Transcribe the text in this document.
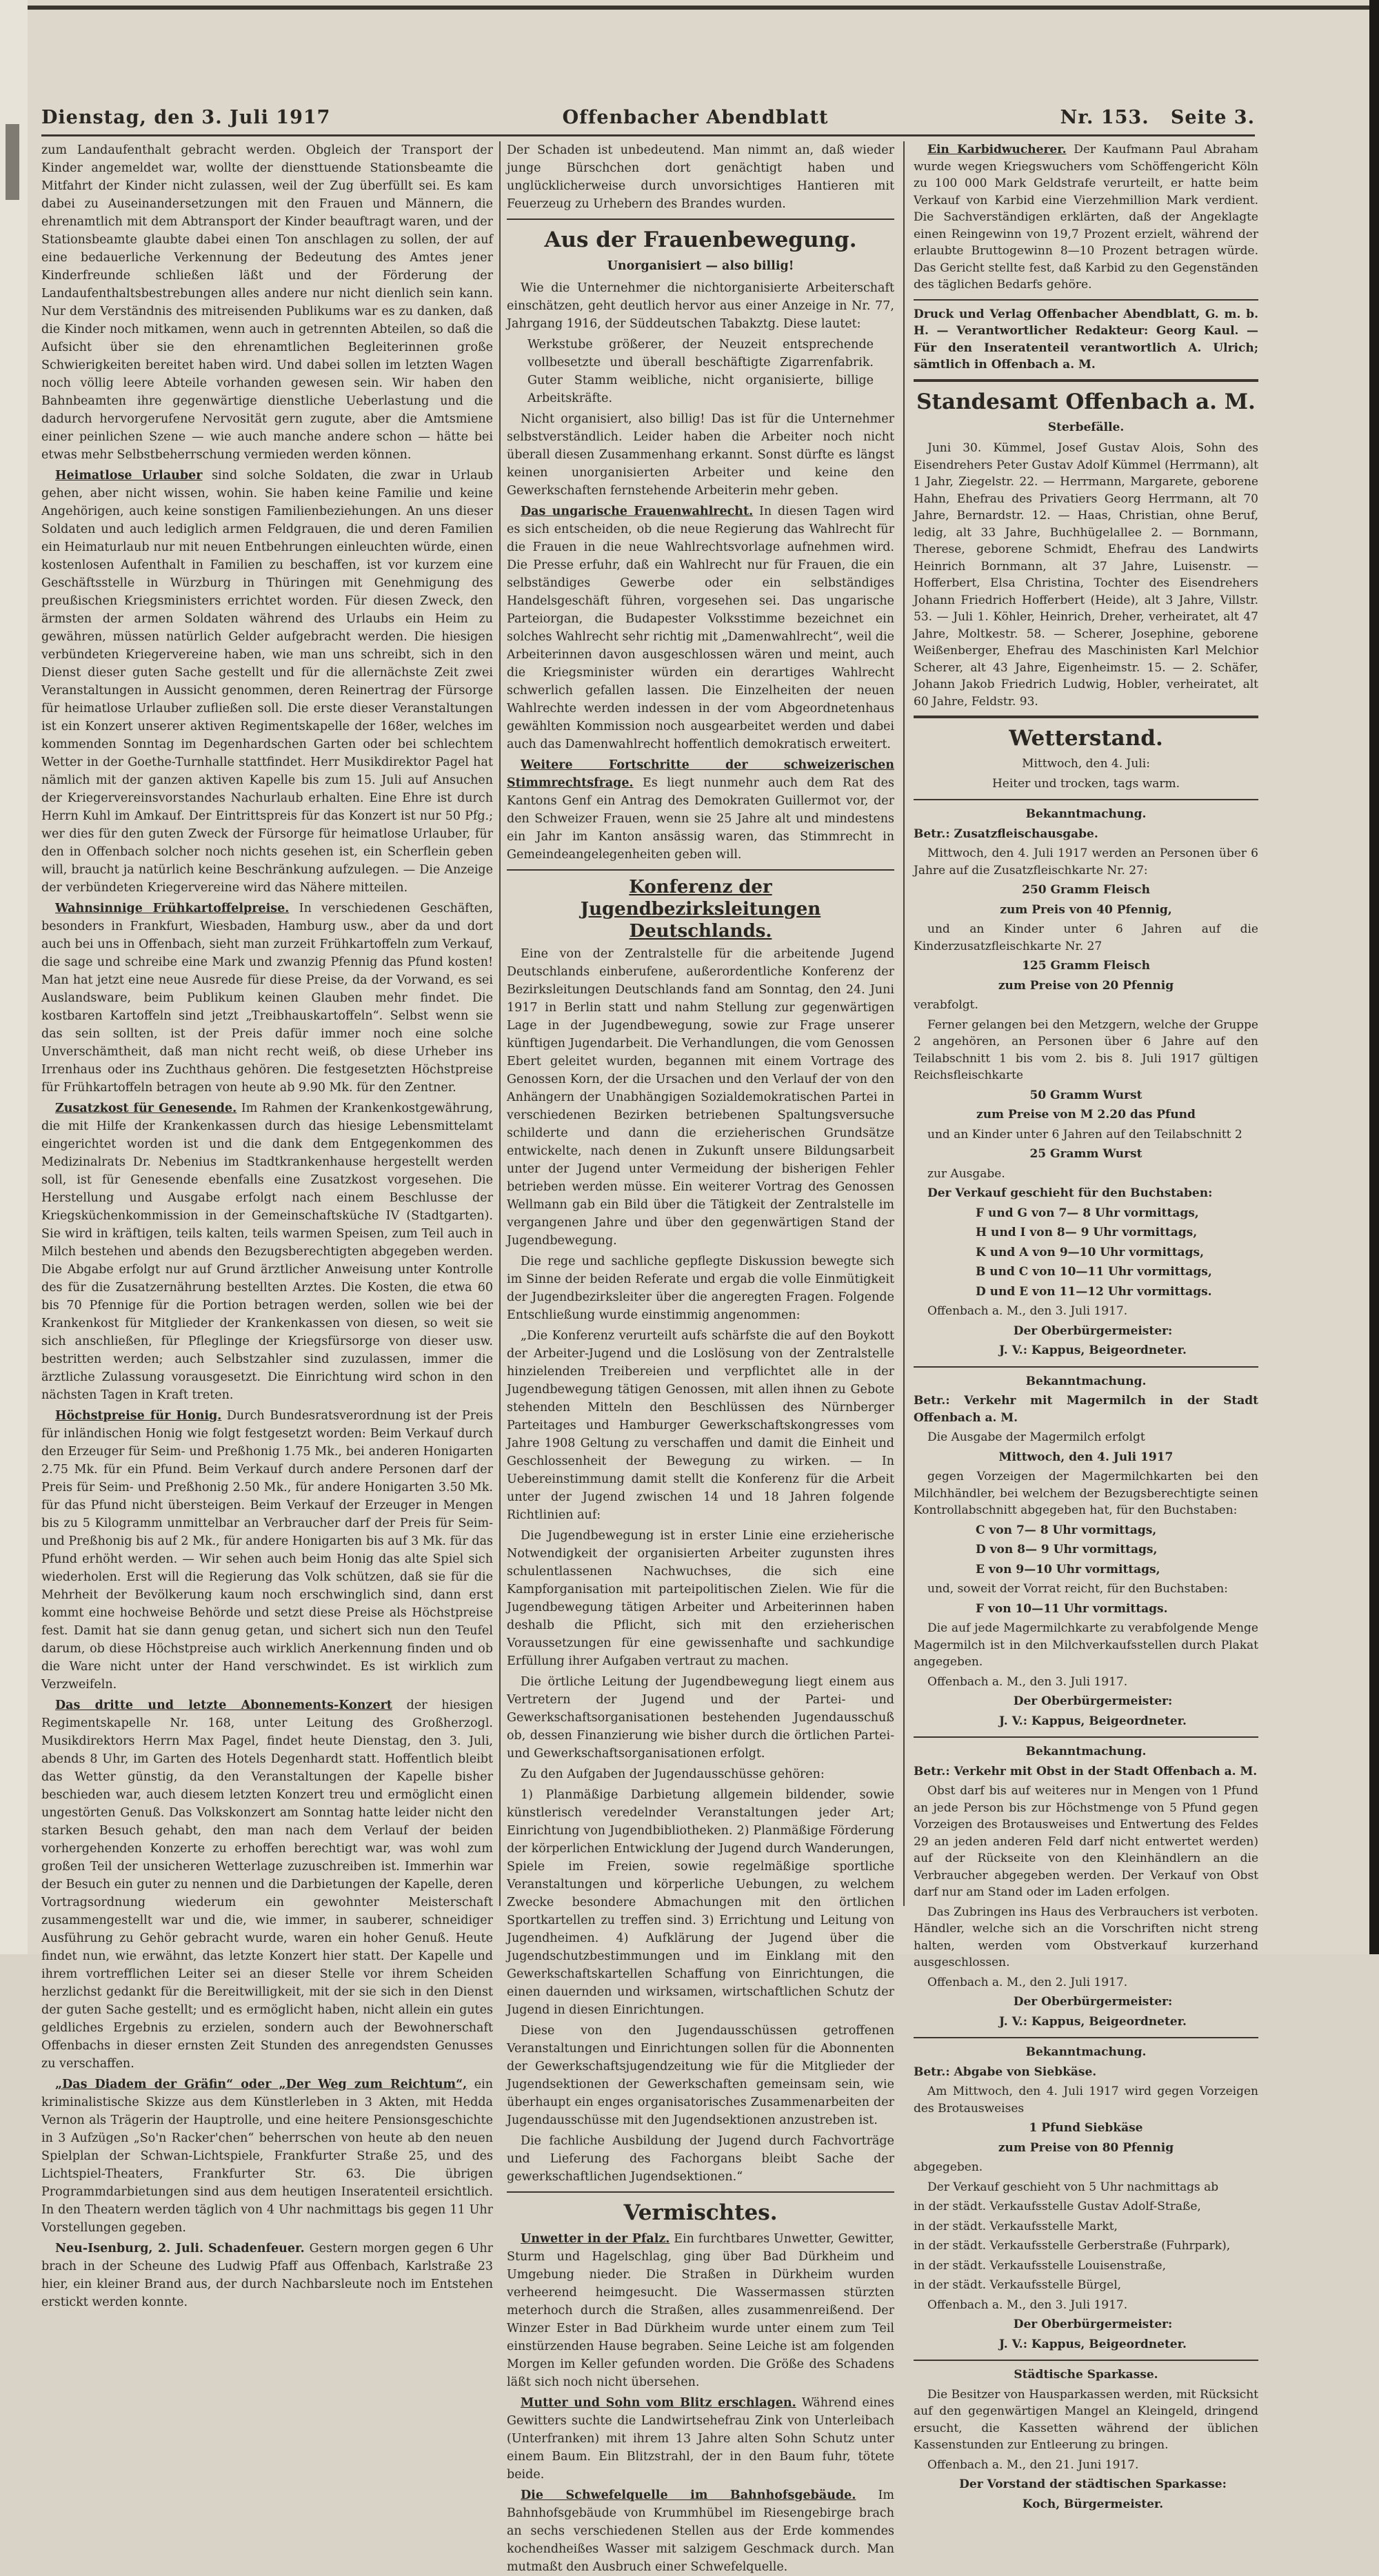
Dienstag, den 3. Juli 1917	Offenbacher Abendblatt	Nr. 153. Seite 3.

zum Landaufenthalt gebracht werden. Obgleich der Transport der Kinder angemeldet war, wollte der diensttuende Stationsbeamte die Mitfahrt der Kinder nicht zulassen, weil der Zug überfüllt sei. Es kam dabei zu Auseinandersetzungen mit den Frauen und Männern, die ehrenamtlich mit dem Abtransport der Kinder beauftragt waren, und der Stationsbeamte glaubte dabei einen Ton anschlagen zu sollen, der auf eine bedauerliche Verkennung der Bedeutung des Amtes jener Kinderfreunde schließen läßt und der Förderung der Landaufenthaltsbestrebungen alles andere nur nicht dienlich sein kann. Nur dem Verständnis des mitreisenden Publikums war es zu danken, daß die Kinder noch mitkamen, wenn auch in getrennten Abteilen, so daß die Aufsicht über sie den ehrenamtlichen Begleiterinnen große Schwierigkeiten bereitet haben wird. Und dabei sollen im letzten Wagen noch völlig leere Abteile vorhanden gewesen sein. Wir haben den Bahnbeamten ihre gegenwärtige dienstliche Ueberlastung und die dadurch hervorgerufene Nervosität gern zugute, aber die Amtsmiene einer peinlichen Szene — wie auch manche andere schon — hätte bei etwas mehr Selbstbeherrschung vermieden werden können.

Heimatlose Urlauber sind solche Soldaten, die zwar in Urlaub gehen, aber nicht wissen, wohin. Sie haben keine Familie und keine Angehörigen, auch keine sonstigen Familienbeziehungen. An uns dieser Soldaten und auch lediglich armen Feldgrauen, die und deren Familien ein Heimaturlaub nur mit neuen Entbehrungen einleuchten würde, einen kostenlosen Aufenthalt in Familien zu beschaffen, ist vor kurzem eine Geschäftsstelle in Würzburg in Thüringen mit Genehmigung des preußischen Kriegsministers errichtet worden. Für diesen Zweck, den ärmsten der armen Soldaten während des Urlaubs ein Heim zu gewähren, müssen natürlich Gelder aufgebracht werden. Die hiesigen verbündeten Kriegervereine haben, wie man uns schreibt, sich in den Dienst dieser guten Sache gestellt und für die allernächste Zeit zwei Veranstaltungen in Aussicht genommen, deren Reinertrag der Fürsorge für heimatlose Urlauber zufließen soll. Die erste dieser Veranstaltungen ist ein Konzert unserer aktiven Regimentskapelle der 168er, welches im kommenden Sonntag im Degenhardschen Garten oder bei schlechtem Wetter in der Goethe-Turnhalle stattfindet. Herr Musikdirektor Pagel hat nämlich mit der ganzen aktiven Kapelle bis zum 15. Juli auf Ansuchen der Kriegervereinsvorstandes Nachurlaub erhalten. Eine Ehre ist durch Herrn Kuhl im Amkauf. Der Eintrittspreis für das Konzert ist nur 50 Pfg.; wer dies für den guten Zweck der Fürsorge für heimatlose Urlauber, für den in Offenbach solcher noch nichts gesehen ist, ein Scherflein geben will, braucht ja natürlich keine Beschränkung aufzulegen. — Die Anzeige der verbündeten Kriegervereine wird das Nähere mitteilen.

Wahnsinnige Frühkartoffelpreise. In verschiedenen Geschäften, besonders in Frankfurt, Wiesbaden, Hamburg usw., aber da und dort auch bei uns in Offenbach, sieht man zurzeit Frühkartoffeln zum Verkauf, die sage und schreibe eine Mark und zwanzig Pfennig das Pfund kosten! Man hat jetzt eine neue Ausrede für diese Preise, da der Vorwand, es sei Auslandsware, beim Publikum keinen Glauben mehr findet. Die kostbaren Kartoffeln sind jetzt „Treibhauskartoffeln“. Selbst wenn sie das sein sollten, ist der Preis dafür immer noch eine solche Unverschämtheit, daß man nicht recht weiß, ob diese Urheber ins Irrenhaus oder ins Zuchthaus gehören. Die festgesetzten Höchstpreise für Frühkartoffeln betragen von heute ab 9.90 Mk. für den Zentner.

Zusatzkost für Genesende. Im Rahmen der Krankenkostgewährung, die mit Hilfe der Krankenkassen durch das hiesige Lebensmittelamt eingerichtet worden ist und die dank dem Entgegenkommen des Medizinalrats Dr. Nebenius im Stadtkrankenhause hergestellt werden soll, ist für Genesende ebenfalls eine Zusatzkost vorgesehen. Die Herstellung und Ausgabe erfolgt nach einem Beschlusse der Kriegsküchenkommission in der Gemeinschaftsküche IV (Stadtgarten). Sie wird in kräftigen, teils kalten, teils warmen Speisen, zum Teil auch in Milch bestehen und abends den Bezugsberechtigten abgegeben werden. Die Abgabe erfolgt nur auf Grund ärztlicher Anweisung unter Kontrolle des für die Zusatzernährung bestellten Arztes. Die Kosten, die etwa 60 bis 70 Pfennige für die Portion betragen werden, sollen wie bei der Krankenkost für Mitglieder der Krankenkassen von diesen, so weit sie sich anschließen, für Pfleglinge der Kriegsfürsorge von dieser usw. bestritten werden; auch Selbstzahler sind zuzulassen, immer die ärztliche Zulassung vorausgesetzt. Die Einrichtung wird schon in den nächsten Tagen in Kraft treten.

Höchstpreise für Honig. Durch Bundesratsverordnung ist der Preis für inländischen Honig wie folgt festgesetzt worden: Beim Verkauf durch den Erzeuger für Seim- und Preßhonig 1.75 Mk., bei anderen Honigarten 2.75 Mk. für ein Pfund. Beim Verkauf durch andere Personen darf der Preis für Seim- und Preßhonig 2.50 Mk., für andere Honigarten 3.50 Mk. für das Pfund nicht übersteigen. Beim Verkauf der Erzeuger in Mengen bis zu 5 Kilogramm unmittelbar an Verbraucher darf der Preis für Seim- und Preßhonig bis auf 2 Mk., für andere Honigarten bis auf 3 Mk. für das Pfund erhöht werden. — Wir sehen auch beim Honig das alte Spiel sich wiederholen. Erst will die Regierung das Volk schützen, daß sie für die Mehrheit der Bevölkerung kaum noch erschwinglich sind, dann erst kommt eine hochweise Behörde und setzt diese Preise als Höchstpreise fest. Damit hat sie dann genug getan, und sichert sich nun den Teufel darum, ob diese Höchstpreise auch wirklich Anerkennung finden und ob die Ware nicht unter der Hand verschwindet. Es ist wirklich zum Verzweifeln.

Das dritte und letzte Abonnements-Konzert der hiesigen Regimentskapelle Nr. 168, unter Leitung des Großherzogl. Musikdirektors Herrn Max Pagel, findet heute Dienstag, den 3. Juli, abends 8 Uhr, im Garten des Hotels Degenhardt statt. Hoffentlich bleibt das Wetter günstig, da den Veranstaltungen der Kapelle bisher beschieden war, auch diesem letzten Konzert treu und ermöglicht einen ungestörten Genuß. Das Volkskonzert am Sonntag hatte leider nicht den starken Besuch gehabt, den man nach dem Verlauf der beiden vorhergehenden Konzerte zu erhoffen berechtigt war, was wohl zum großen Teil der unsicheren Wetterlage zuzuschreiben ist. Immerhin war der Besuch ein guter zu nennen und die Darbietungen der Kapelle, deren Vortragsordnung wiederum ein gewohnter Meisterschaft zusammengestellt war und die, wie immer, in sauberer, schneidiger Ausführung zu Gehör gebracht wurde, waren ein hoher Genuß. Heute findet nun, wie erwähnt, das letzte Konzert hier statt. Der Kapelle und ihrem vortrefflichen Leiter sei an dieser Stelle vor ihrem Scheiden herzlichst gedankt für die Bereitwilligkeit, mit der sie sich in den Dienst der guten Sache gestellt; und es ermöglicht haben, nicht allein ein gutes geldliches Ergebnis zu erzielen, sondern auch der Bewohnerschaft Offenbachs in dieser ernsten Zeit Stunden des anregendsten Genusses zu verschaffen.

„Das Diadem der Gräfin“ oder „Der Weg zum Reichtum“, ein kriminalistische Skizze aus dem Künstlerleben in 3 Akten, mit Hedda Vernon als Trägerin der Hauptrolle, und eine heitere Pensionsgeschichte in 3 Aufzügen „So'n Racker'chen“ beherrschen von heute ab den neuen Spielplan der Schwan-Lichtspiele, Frankfurter Straße 25, und des Lichtspiel-Theaters, Frankfurter Str. 63. Die übrigen Programmdarbietungen sind aus dem heutigen Inseratenteil ersichtlich. In den Theatern werden täglich von 4 Uhr nachmittags bis gegen 11 Uhr Vorstellungen gegeben.

Neu-Isenburg, 2. Juli. Schadenfeuer. Gestern morgen gegen 6 Uhr brach in der Scheune des Ludwig Pfaff aus Offenbach, Karlstraße 23 hier, ein kleiner Brand aus, der durch Nachbarsleute noch im Entstehen erstickt werden konnte.

Der Schaden ist unbedeutend. Man nimmt an, daß wieder junge Bürschchen dort genächtigt haben und unglücklicherweise durch unvorsichtiges Hantieren mit Feuerzeug zu Urhebern des Brandes wurden.

Aus der Frauenbewegung.
Unorganisiert — also billig!

Wie die Unternehmer die nichtorganisierte Arbeiterschaft einschätzen, geht deutlich hervor aus einer Anzeige in Nr. 77, Jahrgang 1916, der Süddeutschen Tabakztg. Diese lautet:

Werkstube größerer, der Neuzeit entsprechende vollbesetzte und überall beschäftigte Zigarrenfabrik. Guter Stamm weibliche, nicht organisierte, billige Arbeitskräfte.

Nicht organisiert, also billig! Das ist für die Unternehmer selbstverständlich. Leider haben die Arbeiter noch nicht überall diesen Zusammenhang erkannt. Sonst dürfte es längst keinen unorganisierten Arbeiter und keine den Gewerkschaften fernstehende Arbeiterin mehr geben.

Das ungarische Frauenwahlrecht. In diesen Tagen wird es sich entscheiden, ob die neue Regierung das Wahlrecht für die Frauen in die neue Wahlrechtsvorlage aufnehmen wird. Die Presse erfuhr, daß ein Wahlrecht nur für Frauen, die ein selbständiges Gewerbe oder ein selbständiges Handelsgeschäft führen, vorgesehen sei. Das ungarische Parteiorgan, die Budapester Volksstimme bezeichnet ein solches Wahlrecht sehr richtig mit „Damenwahlrecht“, weil die Arbeiterinnen davon ausgeschlossen wären und meint, auch die Kriegsminister würden ein derartiges Wahlrecht schwerlich gefallen lassen. Die Einzelheiten der neuen Wahlrechte werden indessen in der vom Abgeordnetenhaus gewählten Kommission noch ausgearbeitet werden und dabei auch das Damenwahlrecht hoffentlich demokratisch erweitert.

Weitere Fortschritte der schweizerischen Stimmrechtsfrage. Es liegt nunmehr auch dem Rat des Kantons Genf ein Antrag des Demokraten Guillermot vor, der den Schweizer Frauen, wenn sie 25 Jahre alt und mindestens ein Jahr im Kanton ansässig waren, das Stimmrecht in Gemeindeangelegenheiten geben will.

Konferenz der Jugendbezirksleitungen Deutschlands.

Eine von der Zentralstelle für die arbeitende Jugend Deutschlands einberufene, außerordentliche Konferenz der Bezirksleitungen Deutschlands fand am Sonntag, den 24. Juni 1917 in Berlin statt und nahm Stellung zur gegenwärtigen Lage in der Jugendbewegung, sowie zur Frage unserer künftigen Jugendarbeit. Die Verhandlungen, die vom Genossen Ebert geleitet wurden, begannen mit einem Vortrage des Genossen Korn, der die Ursachen und den Verlauf der von den Anhängern der Unabhängigen Sozialdemokratischen Partei in verschiedenen Bezirken betriebenen Spaltungsversuche schilderte und dann die erzieherischen Grundsätze entwickelte, nach denen in Zukunft unsere Bildungsarbeit unter der Jugend unter Vermeidung der bisherigen Fehler betrieben werden müsse. Ein weiterer Vortrag des Genossen Wellmann gab ein Bild über die Tätigkeit der Zentralstelle im vergangenen Jahre und über den gegenwärtigen Stand der Jugendbewegung.

Die rege und sachliche gepflegte Diskussion bewegte sich im Sinne der beiden Referate und ergab die volle Einmütigkeit der Jugendbezirksleiter über die angeregten Fragen. Folgende Entschließung wurde einstimmig angenommen:

„Die Konferenz verurteilt aufs schärfste die auf den Boykott der Arbeiter-Jugend und die Loslösung von der Zentralstelle hinzielenden Treibereien und verpflichtet alle in der Jugendbewegung tätigen Genossen, mit allen ihnen zu Gebote stehenden Mitteln den Beschlüssen des Nürnberger Parteitages und Hamburger Gewerkschaftskongresses vom Jahre 1908 Geltung zu verschaffen und damit die Einheit und Geschlossenheit der Bewegung zu wirken. — In Uebereinstimmung damit stellt die Konferenz für die Arbeit unter der Jugend zwischen 14 und 18 Jahren folgende Richtlinien auf:

Die Jugendbewegung ist in erster Linie eine erzieherische Notwendigkeit der organisierten Arbeiter zugunsten ihres schulentlassenen Nachwuchses, die sich eine Kampforganisation mit parteipolitischen Zielen. Wie für die Jugendbewegung tätigen Arbeiter und Arbeiterinnen haben deshalb die Pflicht, sich mit den erzieherischen Voraussetzungen für eine gewissenhafte und sachkundige Erfüllung ihrer Aufgaben vertraut zu machen.

Die örtliche Leitung der Jugendbewegung liegt einem aus Vertretern der Jugend und der Partei- und Gewerkschaftsorganisationen bestehenden Jugendausschuß ob, dessen Finanzierung wie bisher durch die örtlichen Partei- und Gewerkschaftsorganisationen erfolgt.

Zu den Aufgaben der Jugendausschüsse gehören:

1) Planmäßige Darbietung allgemein bildender, sowie künstlerisch veredelnder Veranstaltungen jeder Art; Einrichtung von Jugendbibliotheken. 2) Planmäßige Förderung der körperlichen Entwicklung der Jugend durch Wanderungen, Spiele im Freien, sowie regelmäßige sportliche Veranstaltungen und körperliche Uebungen, zu welchem Zwecke besondere Abmachungen mit den örtlichen Sportkartellen zu treffen sind. 3) Errichtung und Leitung von Jugendheimen. 4) Aufklärung der Jugend über die Jugendschutzbestimmungen und im Einklang mit den Gewerkschaftskartellen Schaffung von Einrichtungen, die einen dauernden und wirksamen, wirtschaftlichen Schutz der Jugend in diesen Einrichtungen.

Diese von den Jugendausschüssen getroffenen Veranstaltungen und Einrichtungen sollen für die Abonnenten der Gewerkschaftsjugendzeitung wie für die Mitglieder der Jugendsektionen der Gewerkschaften gemeinsam sein, wie überhaupt ein enges organisatorisches Zusammenarbeiten der Jugendausschüsse mit den Jugendsektionen anzustreben ist.

Die fachliche Ausbildung der Jugend durch Fachvorträge und Lieferung des Fachorgans bleibt Sache der gewerkschaftlichen Jugendsektionen.“

Vermischtes.

Unwetter in der Pfalz. Ein furchtbares Unwetter, Gewitter, Sturm und Hagelschlag, ging über Bad Dürkheim und Umgebung nieder. Die Straßen in Dürkheim wurden verheerend heimgesucht. Die Wassermassen stürzten meterhoch durch die Straßen, alles zusammenreißend. Der Winzer Ester in Bad Dürkheim wurde unter einem zum Teil einstürzenden Hause begraben. Seine Leiche ist am folgenden Morgen im Keller gefunden worden. Die Größe des Schadens läßt sich noch nicht übersehen.

Mutter und Sohn vom Blitz erschlagen. Während eines Gewitters suchte die Landwirtsehefrau Zink von Unterleibach (Unterfranken) mit ihrem 13 Jahre alten Sohn Schutz unter einem Baum. Ein Blitzstrahl, der in den Baum fuhr, tötete beide.

Die Schwefelquelle im Bahnhofsgebäude. Im Bahnhofsgebäude von Krummhübel im Riesengebirge brach an sechs verschiedenen Stellen aus der Erde kommendes kochendheißes Wasser mit salzigem Geschmack durch. Man mutmaßt den Ausbruch einer Schwefelquelle.

Ein Karbidwucherer. Der Kaufmann Paul Abraham wurde wegen Kriegswuchers vom Schöffengericht Köln zu 100 000 Mark Geldstrafe verurteilt, er hatte beim Verkauf von Karbid eine Vierzehmillion Mark verdient. Die Sachverständigen erklärten, daß der Angeklagte einen Reingewinn von 19,7 Prozent erzielt, während der erlaubte Bruttogewinn 8—10 Prozent betragen würde. Das Gericht stellte fest, daß Karbid zu den Gegenständen des täglichen Bedarfs gehöre.

Druck und Verlag Offenbacher Abendblatt, G. m. b. H. — Verantwortlicher Redakteur: Georg Kaul. — Für den Inseratenteil verantwortlich A. Ulrich; sämtlich in Offenbach a. M.

Standesamt Offenbach a. M.
Sterbefälle.

Juni 30. Kümmel, Josef Gustav Alois, Sohn des Eisendrehers Peter Gustav Adolf Kümmel (Herrmann), alt 1 Jahr, Ziegelstr. 22. — Herrmann, Margarete, geborene Hahn, Ehefrau des Privatiers Georg Herrmann, alt 70 Jahre, Bernardstr. 12. — Haas, Christian, ohne Beruf, ledig, alt 33 Jahre, Buchhügelallee 2. — Bornmann, Therese, geborene Schmidt, Ehefrau des Landwirts Heinrich Bornmann, alt 37 Jahre, Luisenstr. — Hofferbert, Elsa Christina, Tochter des Eisendrehers Johann Friedrich Hofferbert (Heide), alt 3 Jahre, Villstr. 53. — Juli 1. Köhler, Heinrich, Dreher, verheiratet, alt 47 Jahre, Moltkestr. 58. — Scherer, Josephine, geborene Weißenberger, Ehefrau des Maschinisten Karl Melchior Scherer, alt 43 Jahre, Eigenheimstr. 15. — 2. Schäfer, Johann Jakob Friedrich Ludwig, Hobler, verheiratet, alt 60 Jahre, Feldstr. 93.

Wetterstand.

Mittwoch, den 4. Juli:

Heiter und trocken, tags warm.

Bekanntmachung.

Betr.: Zusatzfleischausgabe.

Mittwoch, den 4. Juli 1917 werden an Personen über 6 Jahre auf die Zusatzfleischkarte Nr. 27:

250 Gramm Fleisch

zum Preis von 40 Pfennig,

und an Kinder unter 6 Jahren auf die Kinderzusatzfleischkarte Nr. 27

125 Gramm Fleisch

zum Preise von 20 Pfennig

verabfolgt.

Ferner gelangen bei den Metzgern, welche der Gruppe 2 angehören, an Personen über 6 Jahre auf den Teilabschnitt 1 bis vom 2. bis 8. Juli 1917 gültigen Reichsfleischkarte

50 Gramm Wurst

zum Preise von M 2.20 das Pfund

und an Kinder unter 6 Jahren auf den Teilabschnitt 2

25 Gramm Wurst

zur Ausgabe.

Der Verkauf geschieht für den Buchstaben:

F und G von 7— 8 Uhr vormittags,

H und I von 8— 9 Uhr vormittags,

K und A von 9—10 Uhr vormittags,

B und C von 10—11 Uhr vormittags,

D und E von 11—12 Uhr vormittags.

Offenbach a. M., den 3. Juli 1917.

Der Oberbürgermeister:

J. V.: Kappus, Beigeordneter.

Bekanntmachung.

Betr.: Verkehr mit Magermilch in der Stadt Offenbach a. M.

Die Ausgabe der Magermilch erfolgt

Mittwoch, den 4. Juli 1917

gegen Vorzeigen der Magermilchkarten bei den Milchhändler, bei welchem der Bezugsberechtigte seinen Kontrollabschnitt abgegeben hat, für den Buchstaben:

C von 7— 8 Uhr vormittags,

D von 8— 9 Uhr vormittags,

E von 9—10 Uhr vormittags,

und, soweit der Vorrat reicht, für den Buchstaben:

F von 10—11 Uhr vormittags.

Die auf jede Magermilchkarte zu verabfolgende Menge Magermilch ist in den Milchverkaufsstellen durch Plakat angegeben.

Offenbach a. M., den 3. Juli 1917.

Der Oberbürgermeister:

J. V.: Kappus, Beigeordneter.

Bekanntmachung.

Betr.: Verkehr mit Obst in der Stadt Offenbach a. M.

Obst darf bis auf weiteres nur in Mengen von 1 Pfund an jede Person bis zur Höchstmenge von 5 Pfund gegen Vorzeigen des Brotausweises und Entwertung des Feldes 29 an jeden anderen Feld darf nicht entwertet werden) auf der Rückseite von den Kleinhändlern an die Verbraucher abgegeben werden. Der Verkauf von Obst darf nur am Stand oder im Laden erfolgen.

Das Zubringen ins Haus des Verbrauchers ist verboten. Händler, welche sich an die Vorschriften nicht streng halten, werden vom Obstverkauf kurzerhand ausgeschlossen.

Offenbach a. M., den 2. Juli 1917.

Der Oberbürgermeister:

J. V.: Kappus, Beigeordneter.

Bekanntmachung.

Betr.: Abgabe von Siebkäse.

Am Mittwoch, den 4. Juli 1917 wird gegen Vorzeigen des Brotausweises

1 Pfund Siebkäse

zum Preise von 80 Pfennig

abgegeben.

Der Verkauf geschieht von 5 Uhr nachmittags ab

in der städt. Verkaufsstelle Gustav Adolf-Straße,

in der städt. Verkaufsstelle Markt,

in der städt. Verkaufsstelle Gerberstraße (Fuhrpark),

in der städt. Verkaufsstelle Louisenstraße,

in der städt. Verkaufsstelle Bürgel,

Offenbach a. M., den 3. Juli 1917.

Der Oberbürgermeister:

J. V.: Kappus, Beigeordneter.

Städtische Sparkasse.

Die Besitzer von Hausparkassen werden, mit Rücksicht auf den gegenwärtigen Mangel an Kleingeld, dringend ersucht, die Kassetten während der üblichen Kassenstunden zur Entleerung zu bringen.

Offenbach a. M., den 21. Juni 1917.

Der Vorstand der städtischen Sparkasse:

Koch, Bürgermeister.
